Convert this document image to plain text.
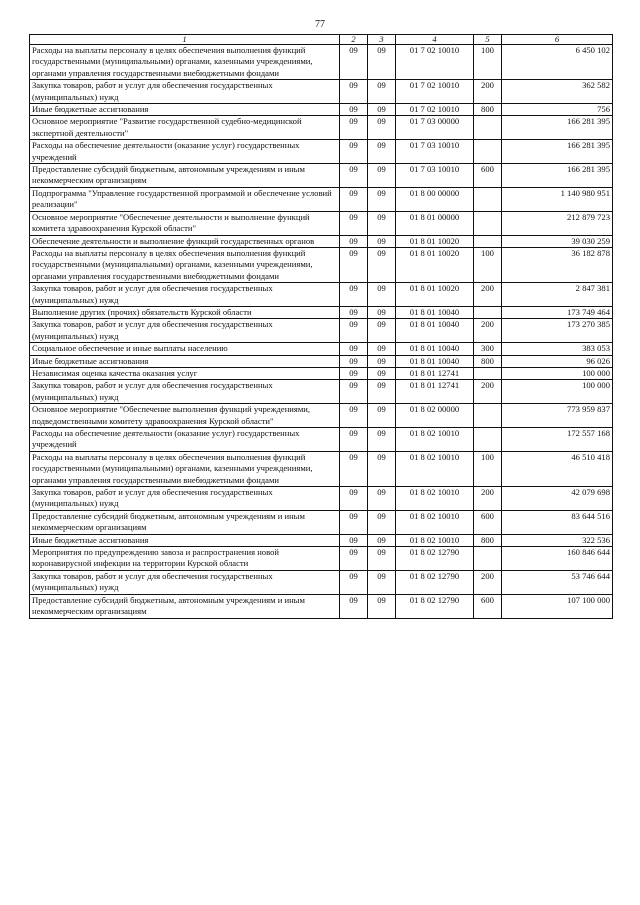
77
1	2	3	4	5	6
Расходы на выплаты персоналу в целях обеспечения выполнения функций государственными (муниципальными) органами, казенными учреждениями, органами управления государственными внебюджетными фондами	09	09	01 7 02 10010	100	6 450 102
Закупка товаров, работ и услуг для обеспечения государственных (муниципальных) нужд	09	09	01 7 02 10010	200	362 582
Иные бюджетные ассигнования	09	09	01 7 02 10010	800	756
Основное мероприятие "Развитие государственной судебно-медицинской экспертной деятельности"	09	09	01 7 03 00000		166 281 395
Расходы на обеспечение деятельности (оказание услуг) государственных учреждений	09	09	01 7 03 10010		166 281 395
Предоставление субсидий бюджетным, автономным учреждениям и иным некоммерческим организациям	09	09	01 7 03 10010	600	166 281 395
Подпрограмма "Управление государственной программой и обеспечение условий реализации"	09	09	01 8 00 00000		1 140 980 951
Основное мероприятие "Обеспечение деятельности и выполнение функций комитета здравоохранения Курской области"	09	09	01 8 01 00000		212 879 723
Обеспечение деятельности и выполнение функций государственных органов	09	09	01 8 01 10020		39 030 259
Расходы на выплаты персоналу в целях обеспечения выполнения функций государственными (муниципальными) органами, казенными учреждениями, органами управления государственными внебюджетными фондами	09	09	01 8 01 10020	100	36 182 878
Закупка товаров, работ и услуг для обеспечения государственных (муниципальных) нужд	09	09	01 8 01 10020	200	2 847 381
Выполнение других (прочих) обязательств Курской области	09	09	01 8 01 10040		173 749 464
Закупка товаров, работ и услуг для обеспечения государственных (муниципальных) нужд	09	09	01 8 01 10040	200	173 270 385
Социальное обеспечение и иные выплаты населению	09	09	01 8 01 10040	300	383 053
Иные бюджетные ассигнования	09	09	01 8 01 10040	800	96 026
Независимая оценка качества оказания услуг	09	09	01 8 01 12741		100 000
Закупка товаров, работ и услуг для обеспечения государственных (муниципальных) нужд	09	09	01 8 01 12741	200	100 000
Основное мероприятие "Обеспечение выполнения функций учреждениями, подведомственными комитету здравоохранения Курской области"	09	09	01 8 02 00000		773 959 837
Расходы на обеспечение деятельности (оказание услуг) государственных учреждений	09	09	01 8 02 10010		172 557 168
Расходы на выплаты персоналу в целях обеспечения выполнения функций государственными (муниципальными) органами, казенными учреждениями, органами управления государственными внебюджетными фондами	09	09	01 8 02 10010	100	46 510 418
Закупка товаров, работ и услуг для обеспечения государственных (муниципальных) нужд	09	09	01 8 02 10010	200	42 079 698
Предоставление субсидий бюджетным, автономным учреждениям и иным некоммерческим организациям	09	09	01 8 02 10010	600	83 644 516
Иные бюджетные ассигнования	09	09	01 8 02 10010	800	322 536
Мероприятия по предупреждению завоза и распространения новой коронавирусной инфекции на территории Курской области	09	09	01 8 02 12790		160 846 644
Закупка товаров, работ и услуг для обеспечения государственных (муниципальных) нужд	09	09	01 8 02 12790	200	53 746 644
Предоставление субсидий бюджетным, автономным учреждениям и иным некоммерческим организациям	09	09	01 8 02 12790	600	107 100 000
